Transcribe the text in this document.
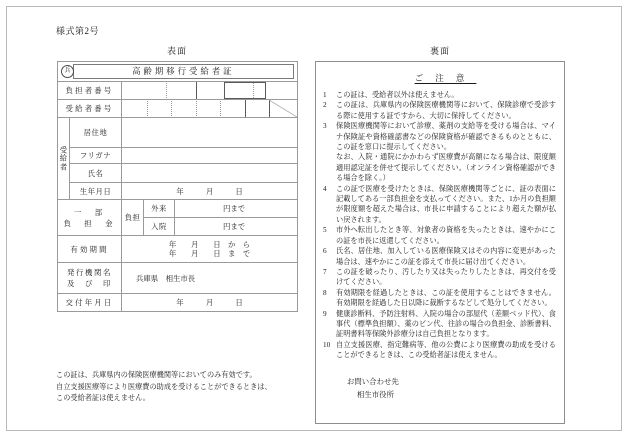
様式第2号
表面
兵	高齢期移行受給者証			

負担者番号				

受給者番号	

受
給
者	居住地			
	フリガナ			
	氏名			
	生年月日	年　　　月　　　日		

一　部
負　担　金		負担	外来	円まで
			入院	円まで
有効期間		年　　月　　日　か　ら
年　　月　　日　ま　で		

発行機関名
及　び　印		兵庫県　相生市長		
交付年月日		年　　　月　　　日		
この証は、兵庫県内の保険医療機関等においてのみ有効です。
自立支援医療等により医療費の助成を受けることができるときは、
この受給者証は使えません。
裏面
ご注意
1	この証は、受給者以外は使えません。
2	この証は、兵庫県内の保険医療機関等において、保険診療で受診する際に使用する証ですから、大切に保持してください。
3	保険医療機関等において診療、薬剤の支給等を受ける場合は、マイナ保険証や資格確認書などの保険資格が確認できるものとともに、この証を窓口に提示してください。
なお、入院・通院にかかわらず医療費が高額になる場合は、限度額適用認定証を併せて提示してください。（オンライン資格確認ができる場合を除く。）
4	この証で医療を受けたときは、保険医療機関等ごとに、証の表面に記載してある一部負担金を支払ってください。また、1か月の負担額が限度額を超えた場合は、市長に申請することにより超えた額が払い戻されます。
5	市外へ転出したとき等、対象者の資格を失ったときは、速やかにこの証を市長に返還してください。
6	氏名、居住地、加入している医療保険又はその内容に変更があった場合は、速やかにこの証を添えて市長に届け出てください。
7	この証を破ったり、汚したり又は失ったりしたときは、再交付を受けてください。
8	有効期限を経過したときは、この証を使用することはできません。有効期限を経過した日以降に裁断するなどして処分してください。
9	健康診断料、予防注射料、入院の場合の部屋代（差額ベッド代）、食事代（標準負担額）、薬のビン代、往診の場合の負担金、診断書料、証明書料等保険外診療分は自己負担となります。
10 自立支援医療、指定難病等、他の公費により医療費の助成を受けることができるときは、この受給者証は使えません。
お問い合わせ先
相生市役所
